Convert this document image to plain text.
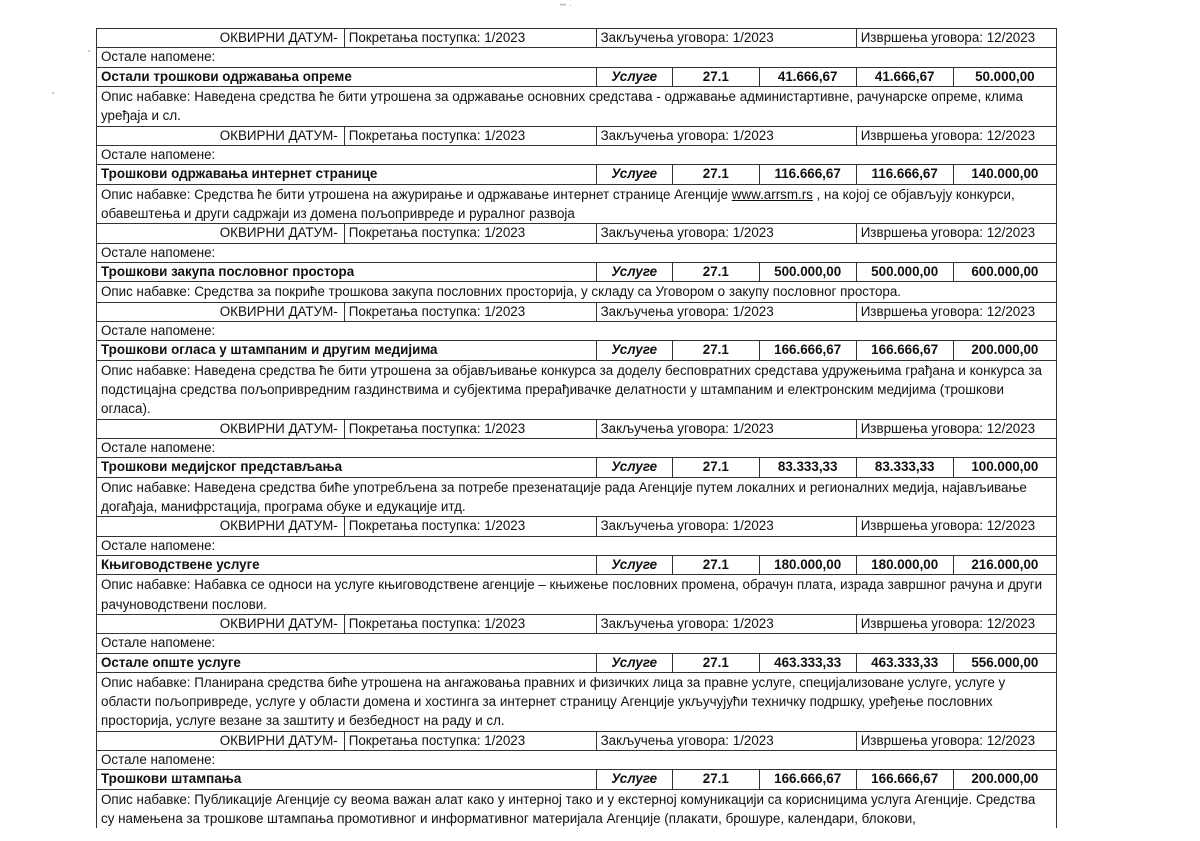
━ ·
ОКВИРНИ ДАТУМ-	Покретања поступка: 1/2023	Закључења уговора: 1/2023			Извршења уговора: 12/2023	
Остале напомене:						
Остали трошкови одржавања опреме		Услуге	27.1	41.666,67	41.666,67	50.000,00
Опис набавке: Наведена средства ће бити утрошена за одржавање основних средстава - одржавање администартивне, рачунарске опреме, клима уређаја и сл.						
ОКВИРНИ ДАТУМ-	Покретања поступка: 1/2023	Закључења уговора: 1/2023			Извршења уговора: 12/2023	
Остале напомене:						
Трошкови одржавања интернет странице		Услуге	27.1	116.666,67	116.666,67	140.000,00
Опис набавке: Средства ће бити утрошена на ажурирање и одржавање интернет странице Агенције www.arrsm.rs , на којој се објављују конкурси, обавештења и други садржаји из домена пољопривреде и руралног развоја						
ОКВИРНИ ДАТУМ-	Покретања поступка: 1/2023	Закључења уговора: 1/2023			Извршења уговора: 12/2023	
Остале напомене:						
Трошкови закупа пословног простора		Услуге	27.1	500.000,00	500.000,00	600.000,00
Опис набавке: Средства за покриће трошкова закупа пословних просторија, у складу са Уговором о закупу пословног простора.						
ОКВИРНИ ДАТУМ-	Покретања поступка: 1/2023	Закључења уговора: 1/2023			Извршења уговора: 12/2023	
Остале напомене:						
Трошкови огласа у штампаним и другим медијима		Услуге	27.1	166.666,67	166.666,67	200.000,00
Опис набавке: Наведена средства ће бити утрошена за објављивање конкурса за доделу бесповратних средстава удружењима грађана и конкурса за подстицајна средства пољопривредним газдинствима и субјектима прерађивачке делатности у штампаним и електронским медијима (трошкови огласа).						
ОКВИРНИ ДАТУМ-	Покретања поступка: 1/2023	Закључења уговора: 1/2023			Извршења уговора: 12/2023	
Остале напомене:						
Трошкови медијског представљања		Услуге	27.1	83.333,33	83.333,33	100.000,00
Опис набавке: Наведена средства биће употребљена за потребе презенатације рада Агенције путем локалних и регионалних медија, најављивање догађаја, манифрстација, програма обуке и едукације итд.						
ОКВИРНИ ДАТУМ-	Покретања поступка: 1/2023	Закључења уговора: 1/2023			Извршења уговора: 12/2023	
Остале напомене:						
Књиговодствене услуге		Услуге	27.1	180.000,00	180.000,00	216.000,00
Опис набавке: Набавка се односи на услуге књиговодствене агенције – књижење пословних промена, обрачун плата, израда завршног рачуна и други рачуноводствени послови.						
ОКВИРНИ ДАТУМ-	Покретања поступка: 1/2023	Закључења уговора: 1/2023			Извршења уговора: 12/2023	
Остале напомене:						
Остале опште услуге		Услуге	27.1	463.333,33	463.333,33	556.000,00
Опис набавке: Планирана средства биће утрошена на ангажовања правних и физичких лица за правне услуге, специјализоване услуге, услуге у области пољопривреде, услуге у области домена и хостинга за интернет страницу Агенције укључујући техничку подршку, уређење пословних просторија, услуге везане за заштиту и безбедност на раду и сл.						
ОКВИРНИ ДАТУМ-	Покретања поступка: 1/2023	Закључења уговора: 1/2023			Извршења уговора: 12/2023	
Остале напомене:						
Трошкови штампања		Услуге	27.1	166.666,67	166.666,67	200.000,00
Опис набавке: Публикације Агенције су веома важан алат како у интерној тако и у екстерној комуникацији са корисницима услуга Агенције. Средства су намењена за трошкове штампања промотивног и информативног материјала Агенције (плакати, брошуре, календари, блокови,						
